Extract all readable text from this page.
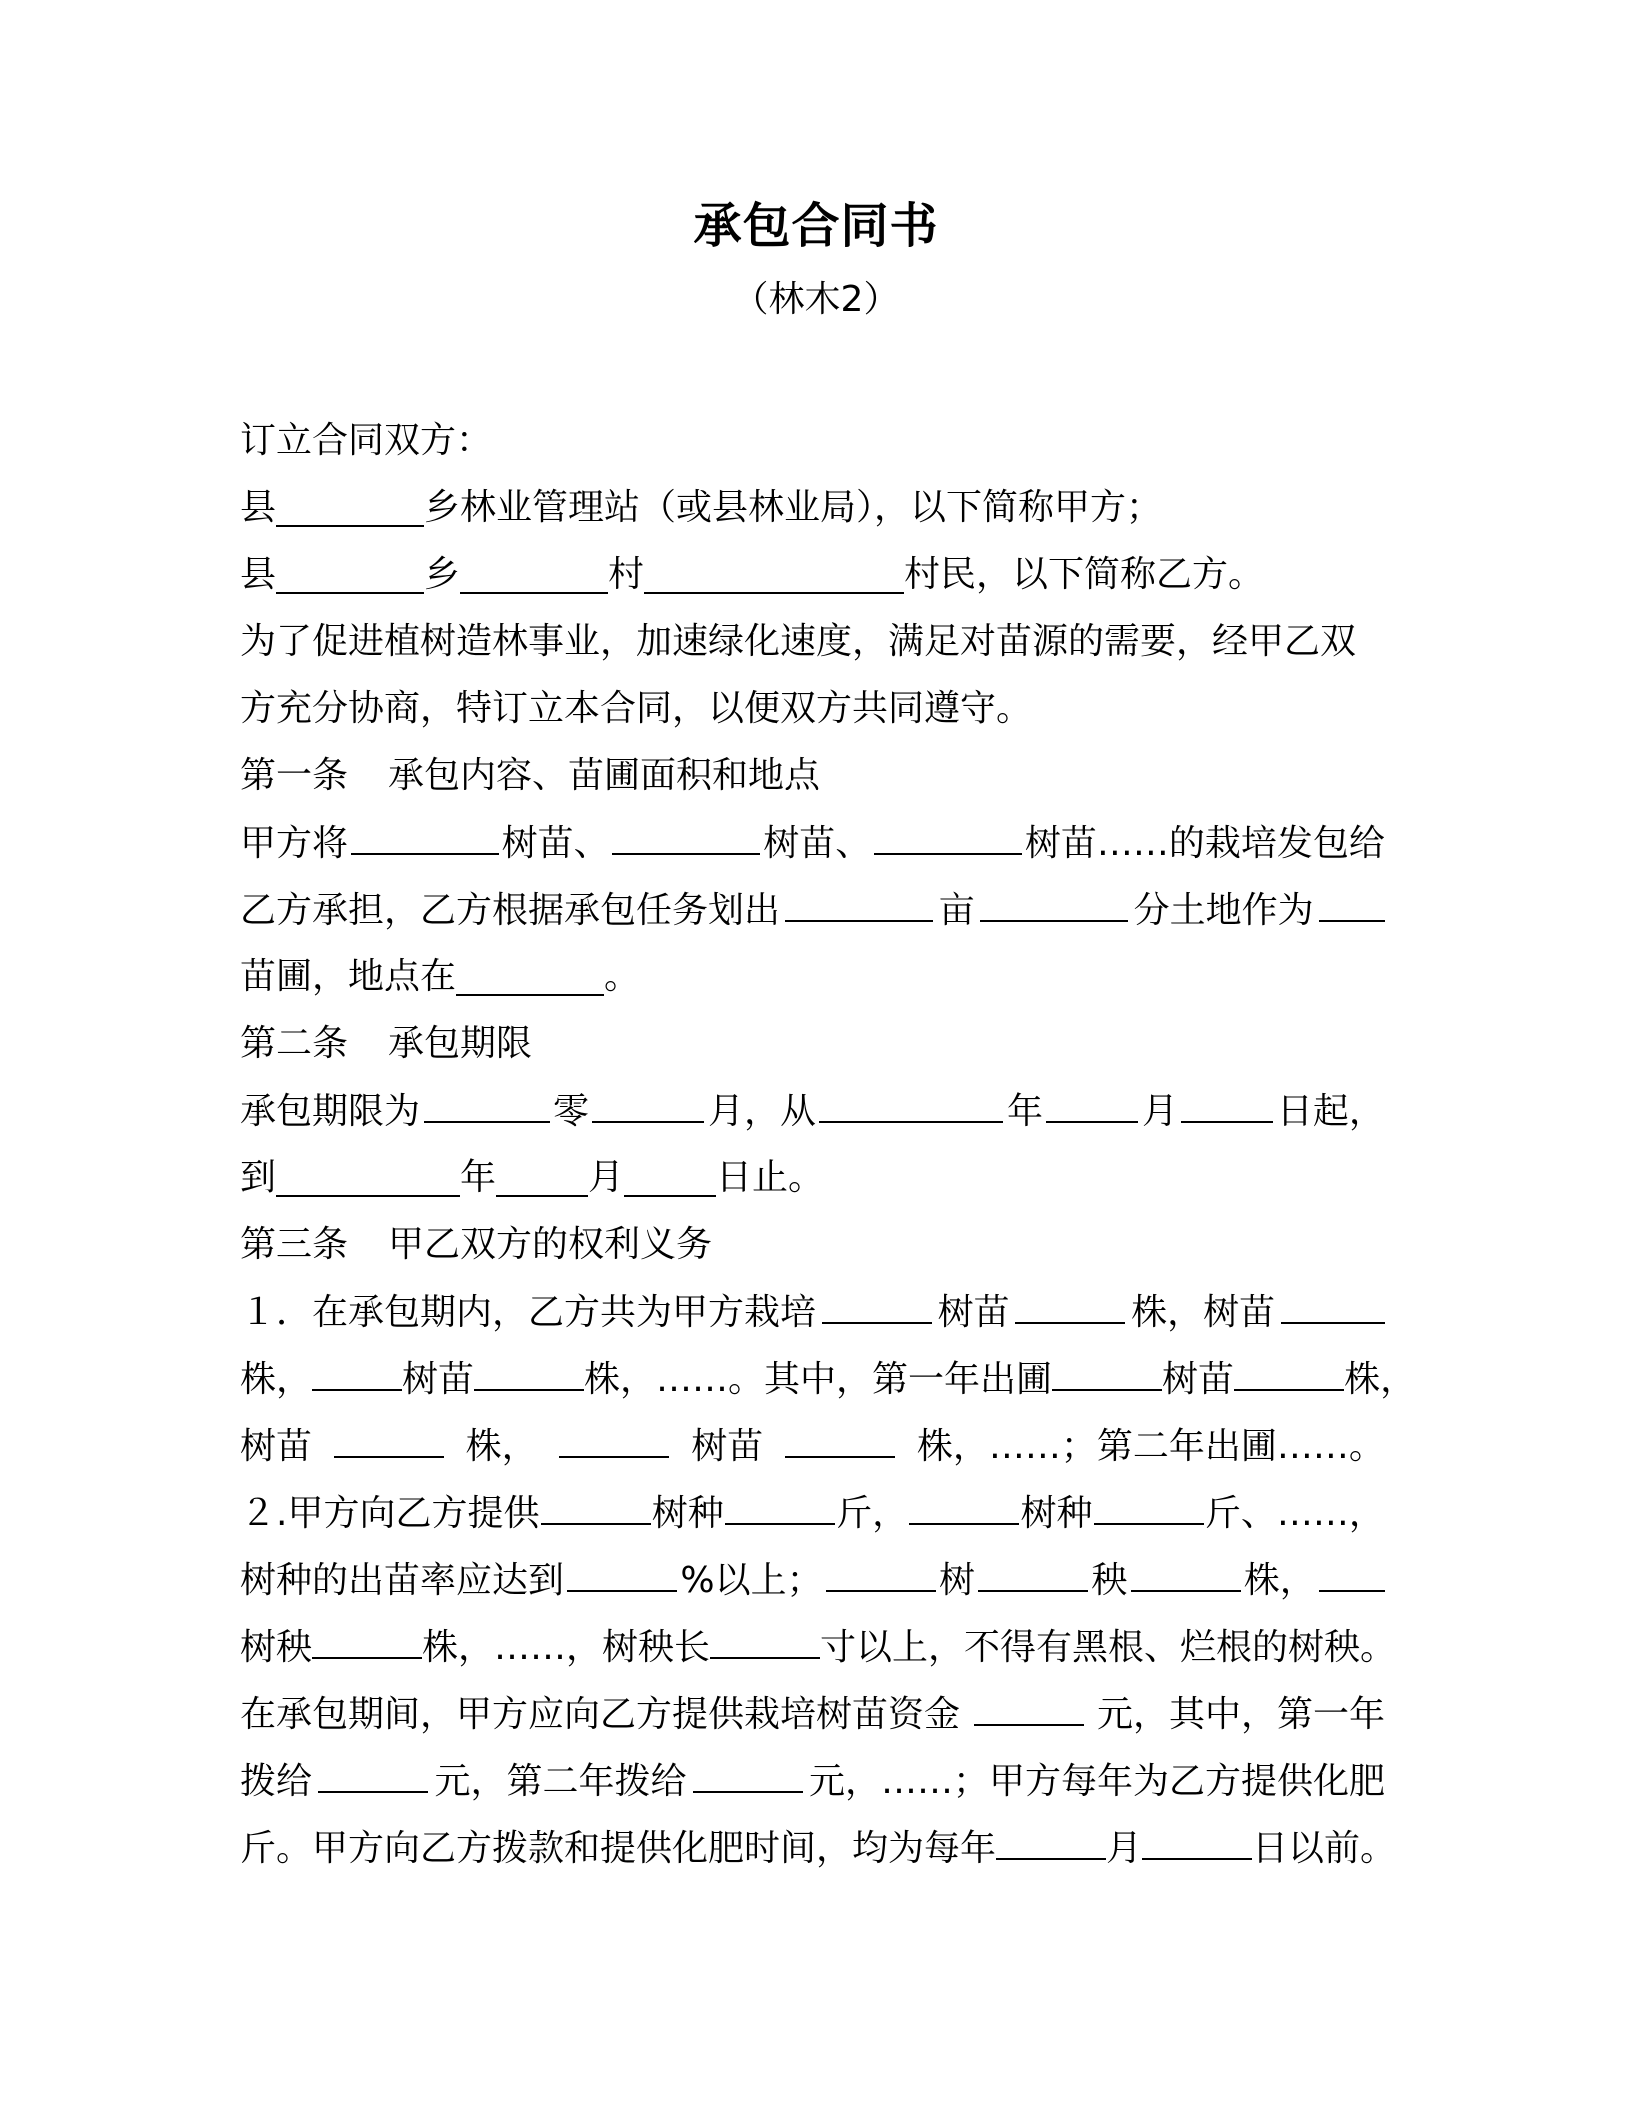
承包合同书
（林木2）
订立合同双方：
县	乡林业管理站（或县林业局），以下简称甲方；
县	乡	村	村民，以下简称乙方。
为了促进植树造林事业，加速绿化速度，满足对苗源的需要，经甲乙双
方充分协商，特订立本合同，以便双方共同遵守。
第一条 承包内容、苗圃面积和地点
甲方将	树苗、	树苗、	树苗……的栽培发包给
乙方承担，乙方根据承包任务划出	亩	分土地作为
苗圃，地点在	。
第二条 承包期限
承包期限为	零	月，从	年	月	日起，
到	年	月	日止。
第三条 甲乙双方的权利义务
１．在承包期内，乙方共为甲方栽培	树苗	株，树苗
株，	树苗	株，……。其中，第一年出圃	树苗	株，
树苗	株，	树苗	株，……；第二年出圃……。
２.甲方向乙方提供	树种	斤，	树种	斤、……，
树种的出苗率应达到	%以上；	树	秧	株，
树秧	株，……，树秧长	寸以上，不得有黑根、烂根的树秧。
在承包期间，甲方应向乙方提供栽培树苗资金	元，其中，第一年
拨给	元，第二年拨给	元，……；甲方每年为乙方提供化肥
斤。甲方向乙方拨款和提供化肥时间，均为每年	月	日以前。
